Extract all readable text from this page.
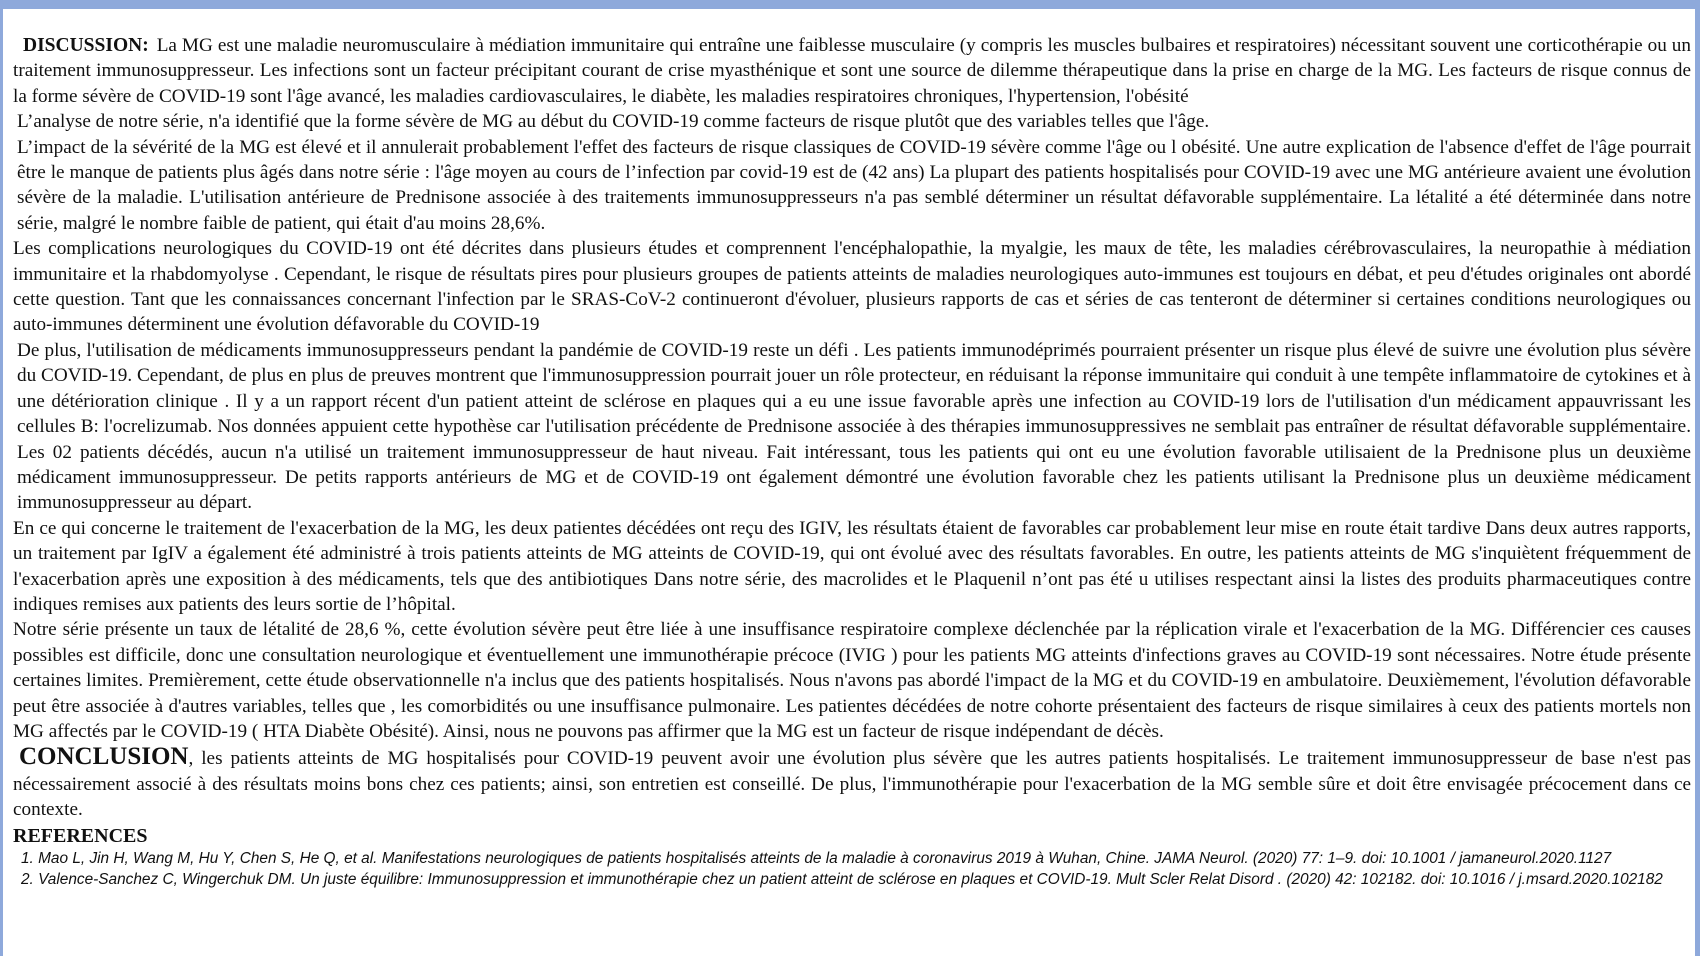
DISCUSSION: La MG est une maladie neuromusculaire à médiation immunitaire qui entraîne une faiblesse musculaire (y compris les muscles bulbaires et respiratoires) nécessitant souvent une corticothérapie ou un traitement immunosuppresseur. Les infections sont un facteur précipitant courant de crise myasthénique et sont une source de dilemme thérapeutique dans la prise en charge de la MG. Les facteurs de risque connus de la forme sévère de COVID-19 sont l'âge avancé, les maladies cardiovasculaires, le diabète, les maladies respiratoires chroniques, l'hypertension, l'obésité

L’analyse de notre série, n'a identifié que la forme sévère de MG au début du COVID-19 comme facteurs de risque plutôt que des variables telles que l'âge.

L’impact de la sévérité de la MG est élevé et il annulerait probablement l'effet des facteurs de risque classiques de COVID-19 sévère comme l'âge ou l obésité. Une autre explication de l'absence d'effet de l'âge pourrait être le manque de patients plus âgés dans notre série : l'âge moyen au cours de l’infection par covid-19 est de (42 ans) La plupart des patients hospitalisés pour COVID-19 avec une MG antérieure avaient une évolution sévère de la maladie. L'utilisation antérieure de Prednisone associée à des traitements immunosuppresseurs n'a pas semblé déterminer un résultat défavorable supplémentaire. La létalité a été déterminée dans notre série, malgré le nombre faible de patient, qui était d'au moins 28,6%.

Les complications neurologiques du COVID-19 ont été décrites dans plusieurs études et comprennent l'encéphalopathie, la myalgie, les maux de tête, les maladies cérébrovasculaires, la neuropathie à médiation immunitaire et la rhabdomyolyse . Cependant, le risque de résultats pires pour plusieurs groupes de patients atteints de maladies neurologiques auto-immunes est toujours en débat, et peu d'études originales ont abordé cette question. Tant que les connaissances concernant l'infection par le SRAS-CoV-2 continueront d'évoluer, plusieurs rapports de cas et séries de cas tenteront de déterminer si certaines conditions neurologiques ou auto-immunes déterminent une évolution défavorable du COVID-19

De plus, l'utilisation de médicaments immunosuppresseurs pendant la pandémie de COVID-19 reste un défi . Les patients immunodéprimés pourraient présenter un risque plus élevé de suivre une évolution plus sévère du COVID-19. Cependant, de plus en plus de preuves montrent que l'immunosuppression pourrait jouer un rôle protecteur, en réduisant la réponse immunitaire qui conduit à une tempête inflammatoire de cytokines et à une détérioration clinique . Il y a un rapport récent d'un patient atteint de sclérose en plaques qui a eu une issue favorable après une infection au COVID-19 lors de l'utilisation d'un médicament appauvrissant les cellules B: l'ocrelizumab. Nos données appuient cette hypothèse car l'utilisation précédente de Prednisone associée à des thérapies immunosuppressives ne semblait pas entraîner de résultat défavorable supplémentaire. Les 02 patients décédés, aucun n'a utilisé un traitement immunosuppresseur de haut niveau. Fait intéressant, tous les patients qui ont eu une évolution favorable utilisaient de la Prednisone plus un deuxième médicament immunosuppresseur. De petits rapports antérieurs de MG et de COVID-19 ont également démontré une évolution favorable chez les patients utilisant la Prednisone plus un deuxième médicament immunosuppresseur au départ.

En ce qui concerne le traitement de l'exacerbation de la MG, les deux patientes décédées ont reçu des IGIV, les résultats étaient de favorables car probablement leur mise en route était tardive Dans deux autres rapports, un traitement par IgIV a également été administré à trois patients atteints de MG atteints de COVID-19, qui ont évolué avec des résultats favorables. En outre, les patients atteints de MG s'inquiètent fréquemment de l'exacerbation après une exposition à des médicaments, tels que des antibiotiques Dans notre série, des macrolides et le Plaquenil n’ont pas été u utilises respectant ainsi la listes des produits pharmaceutiques contre indiques remises aux patients des leurs sortie de l’hôpital.

Notre série présente un taux de létalité de 28,6 %, cette évolution sévère peut être liée à une insuffisance respiratoire complexe déclenchée par la réplication virale et l'exacerbation de la MG. Différencier ces causes possibles est difficile, donc une consultation neurologique et éventuellement une immunothérapie précoce (IVIG ) pour les patients MG atteints d'infections graves au COVID-19 sont nécessaires. Notre étude présente certaines limites. Premièrement, cette étude observationnelle n'a inclus que des patients hospitalisés. Nous n'avons pas abordé l'impact de la MG et du COVID-19 en ambulatoire. Deuxièmement, l'évolution défavorable peut être associée à d'autres variables, telles que , les comorbidités ou une insuffisance pulmonaire. Les patientes décédées de notre cohorte présentaient des facteurs de risque similaires à ceux des patients mortels non MG affectés par le COVID-19 ( HTA Diabète Obésité). Ainsi, nous ne pouvons pas affirmer que la MG est un facteur de risque indépendant de décès.

CONCLUSION, les patients atteints de MG hospitalisés pour COVID-19 peuvent avoir une évolution plus sévère que les autres patients hospitalisés. Le traitement immunosuppresseur de base n'est pas nécessairement associé à des résultats moins bons chez ces patients; ainsi, son entretien est conseillé. De plus, l'immunothérapie pour l'exacerbation de la MG semble sûre et doit être envisagée précocement dans ce contexte.

REFERENCES
1. Mao L, Jin H, Wang M, Hu Y, Chen S, He Q, et al. Manifestations neurologiques de patients hospitalisés atteints de la maladie à coronavirus 2019 à Wuhan, Chine. JAMA Neurol. (2020) 77: 1–9. doi: 10.1001 / jamaneurol.2020.1127
2. Valence-Sanchez C, Wingerchuk DM. Un juste équilibre: Immunosuppression et immunothérapie chez un patient atteint de sclérose en plaques et COVID-19. Mult Scler Relat Disord . (2020) 42: 102182. doi: 10.1016 / j.msard.2020.102182
